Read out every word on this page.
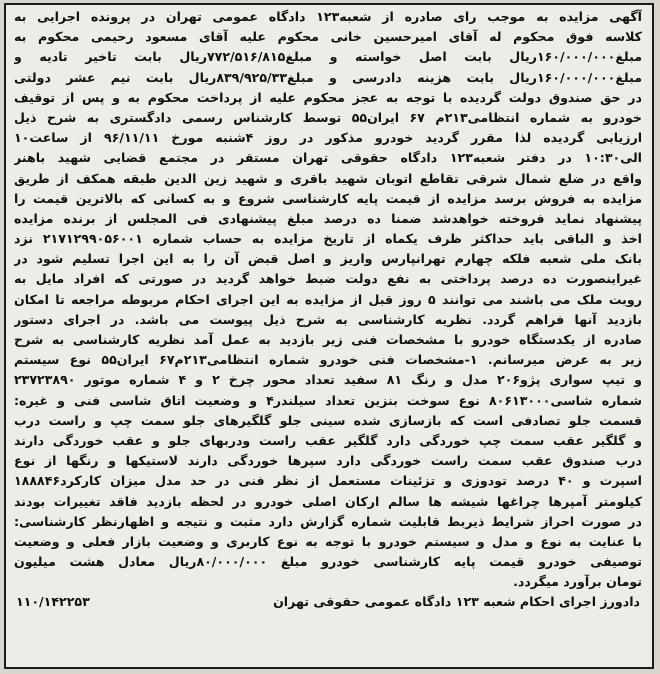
آگهی مزایده به موجب رای صادره از شعبه۱۲۳ دادگاه عمومی تهران در پرونده اجرایی به
کلاسه فوق محکوم له آقای امیرحسین خانی محکوم علیه آقای مسعود رحیمی محکوم به
مبلغ۱۶۰/۰۰۰/۰۰۰ریال بابت اصل خواسته و مبلغ۷۷۲/۵۱۶/۸۱۵ریال بابت تاخیر تادیه و
مبلغ۱۶۰/۰۰۰/۰۰۰ریال بابت هزینه دادرسی و مبلغ۸۳۹/۹۲۵/۳۳ریال بابت نیم عشر دولتی
در حق صندوق دولت گردیده با توجه به عجز محکوم علیه از پرداخت محکوم به و پس از توقیف
خودرو به شماره انتظامی۲۱۳م ۶۷ ایران۵۵ توسط کارشناس رسمی دادگستری به شرح ذیل
ارزیابی گردیده لذا مقرر گردید خودرو مذکور در روز ۴شنبه مورخ ۹۶/۱۱/۱۱ از ساعت۱۰
الی۱۰:۳۰ در دفتر شعبه۱۲۳ دادگاه حقوقی تهران مستقر در مجتمع قضایی شهید باهنر
واقع در ضلع شمال شرقی تقاطع اتوبان شهید باقری و شهید زین الدین طبقه همکف از طریق
مزایده به فروش برسد مزایده از قیمت پایه کارشناسی شروع و به کسانی که بالاترین قیمت را
پیشنهاد نماید فروخته خواهدشد ضمنا ده درصد مبلغ پیشنهادی فی المجلس از برنده مزایده
اخذ و الباقی باید حداکثر ظرف یکماه از تاریخ مزایده به حساب شماره ۲۱۷۱۲۹۹۰۵۶۰۰۱ نزد
بانک ملی شعبه فلکه چهارم تهرانپارس واریز و اصل قبض آن را به این اجرا تسلیم شود در
غیراینصورت ده درصد پرداختی به نفع دولت ضبط خواهد گردید در صورتی که افراد مایل به
رویت ملک می باشند می توانند ۵ روز قبل از مزایده به این اجرای احکام مربوطه مراجعه تا امکان
بازدید آنها فراهم گردد. نظریه کارشناسی به شرح ذیل پیوست می باشد. در اجرای دستور
صادره از یکدستگاه خودرو با مشخصات فنی زیر بازدید به عمل آمد نظریه کارشناسی به شرح
زیر به عرض میرسانم. ۱-مشخصات فنی خودرو شماره انتظامی۲۱۳م۶۷ ایران۵۵ نوع سیستم
و تیپ سواری پژو۲۰۶ مدل و رنگ ۸۱ سفید تعداد محور چرخ ۲ و ۴ شماره موتور ۲۳۷۲۳۸۹۰
شماره شاسی۸۰۶۱۳۰۰۰ نوع سوخت بنزین تعداد سیلندر۴ و وضعیت اتاق شاسی فنی و غیره:
قسمت جلو تصادفی است که بازسازی شده سینی جلو گلگیرهای جلو سمت چپ و راست درب
و گلگیر عقب سمت چپ خوردگی دارد گلگیر عقب راست ودربهای جلو و عقب خوردگی دارند
درب صندوق عقب سمت راست خوردگی دارد سپرها خوردگی دارند لاستیکها و رنگها از نوع
اسپرت و ۴۰ درصد تودوزی و تزئینات مستعمل از نظر فنی در حد مدل میزان کارکرد۱۸۸۸۴۶
کیلومتر آمپرها چراغها شیشه ها سالم ارکان اصلی خودرو در لحظه بازدید فاقد تغییرات بودند
در صورت احراز شرایط ذیربط قابلیت شماره گزارش دارد مثبت و نتیجه و اظهارنظر کارشناسی:
با عنایت به نوع و مدل و سیستم خودرو با توجه به نوع کاربری و وضعیت بازار فعلی و وضعیت
توصیفی خودرو قیمت پایه کارشناسی خودرو مبلغ ۸۰/۰۰۰/۰۰۰ریال معادل هشت میلیون
تومان برآورد میگردد.
دادورز اجرای احکام شعبه ۱۲۳ دادگاه عمومی حقوقی تهران
۱۱۰/۱۴۲۲۵۳
